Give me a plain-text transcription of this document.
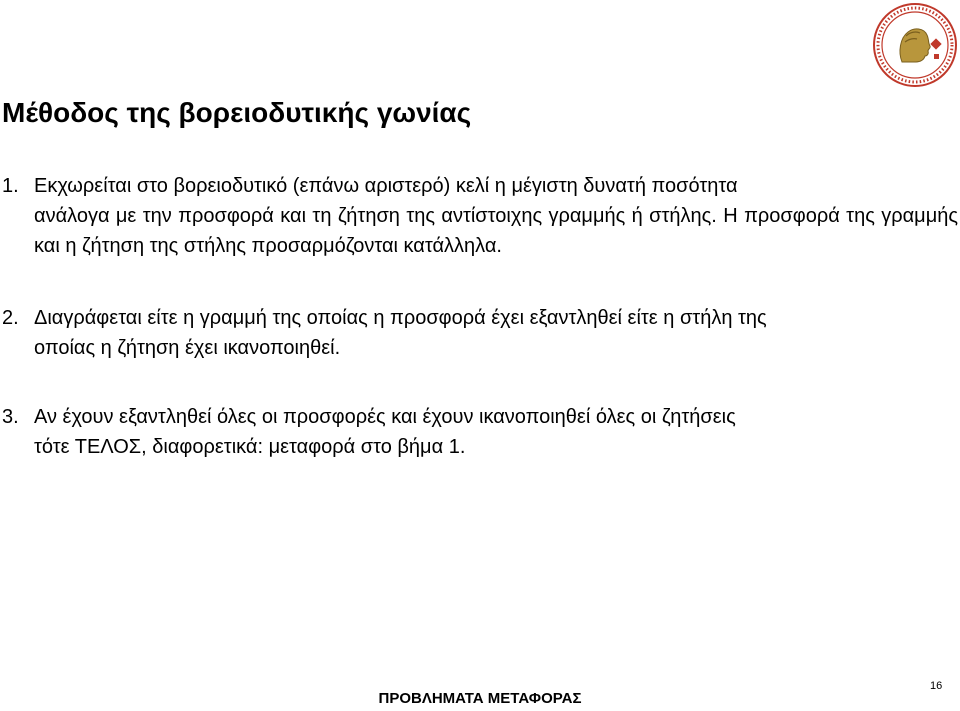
Μέθοδος της βορειοδυτικής γωνίας
1. Εκχωρείται στο βορειοδυτικό (επάνω αριστερό) κελί η μέγιστη δυνατή ποσότητα
ανάλογα με την προσφορά και τη ζήτηση της αντίστοιχης γραμμής ή στήλης. Η προσφορά της γραμμής και η ζήτηση της στήλης προσαρμόζονται κατάλληλα.
2. Διαγράφεται είτε η γραμμή της οποίας η προσφορά έχει εξαντληθεί είτε η στήλη της
οποίας η ζήτηση έχει ικανοποιηθεί.
3. Αν έχουν εξαντληθεί όλες οι προσφορές και έχουν ικανοποιηθεί όλες οι ζητήσεις
τότε ΤΕΛΟΣ, διαφορετικά: μεταφορά στο βήμα 1.
ΠΡΟΒΛΗΜΑΤΑ ΜΕΤΑΦΟΡΑΣ
16
